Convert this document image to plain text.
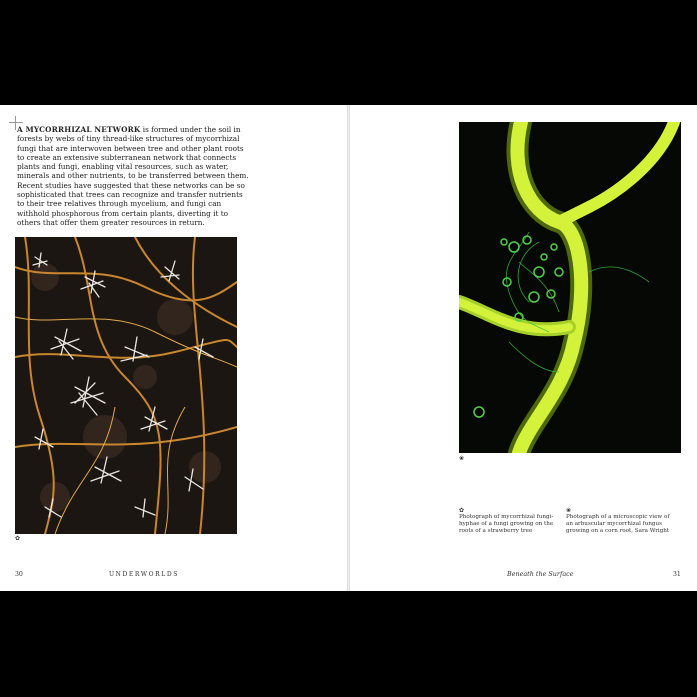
A MYCORRHIZAL NETWORK is formed under the soil in forests by webs of tiny thread-like structures of mycorrhizal fungi that are interwoven between tree and other plant roots to create an extensive subterranean network that connects plants and fungi, enabling vital resources, such as water, minerals and other nutrients, to be transferred between them. Recent studies have suggested that these networks can be so sophisticated that trees can recognize and transfer nutrients to their tree relatives through mycelium, and fungi can withhold phosphorous from certain plants, diverting it to others that offer them greater resources in return.

✿
❀
✿

Photograph of mycorrhizal fungi-hyphae of a fungi growing on the roots of a strawberry tree

❀

Photograph of a microscopic view of an arbuscular mycorrhizal fungus growing on a corn root, Sara Wright

30	UNDERWORLDS	Beneath the Surface	31
